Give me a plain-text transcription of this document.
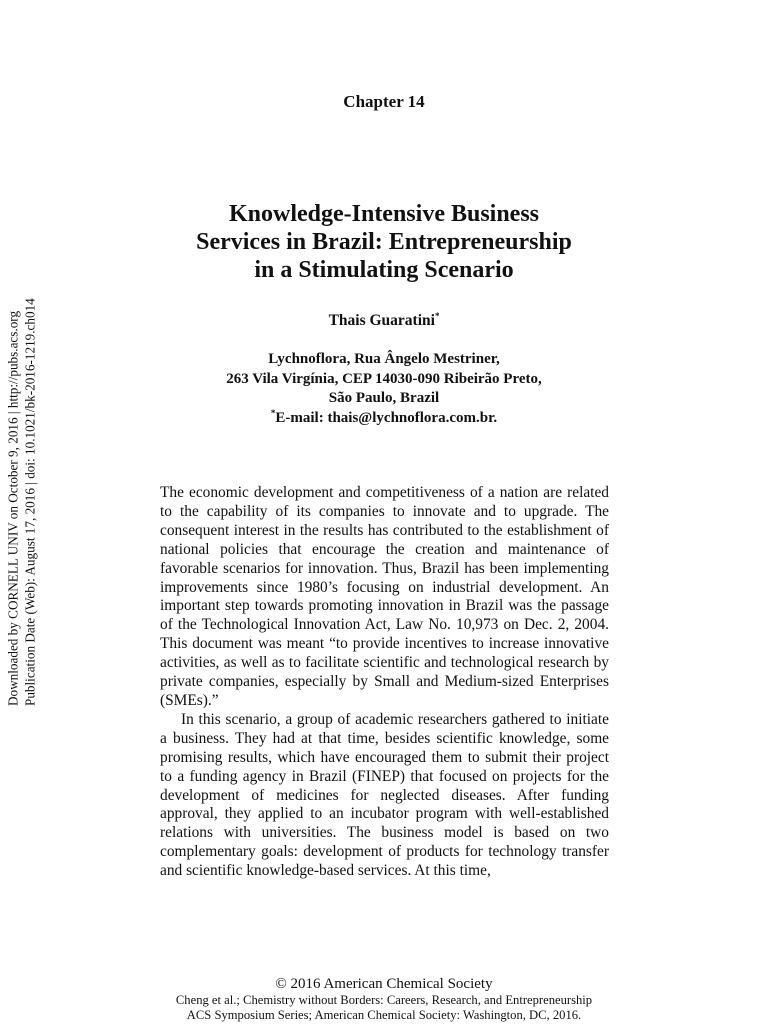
Downloaded by CORNELL UNIV on October 9, 2016 | http://pubs.acs.org Publication Date (Web): August 17, 2016 | doi: 10.1021/bk-2016-1219.ch014
Chapter 14
Knowledge-Intensive Business
Services in Brazil: Entrepreneurship
in a Stimulating Scenario
Thais Guaratini*
Lychnoflora, Rua Ângelo Mestriner,
263 Vila Virgínia, CEP 14030-090 Ribeirão Preto,
São Paulo, Brazil
*E-mail: thais@lychnoflora.com.br.

The economic development and competitiveness of a nation are related to the capability of its companies to innovate and to upgrade. The consequent interest in the results has contributed to the establishment of national policies that encourage the creation and maintenance of favorable scenarios for innovation. Thus, Brazil has been implementing improvements since 1980’s focusing on industrial development. An important step towards promoting innovation in Brazil was the passage of the Technological Innovation Act, Law No. 10,973 on Dec. 2, 2004. This document was meant “to provide incentives to increase innovative activities, as well as to facilitate scientific and technological research by private companies, especially by Small and Medium-sized Enterprises (SMEs).”

In this scenario, a group of academic researchers gathered to initiate a business. They had at that time, besides scientific knowledge, some promising results, which have encouraged them to submit their project to a funding agency in Brazil (FINEP) that focused on projects for the development of medicines for neglected diseases. After funding approval, they applied to an incubator program with well-established relations with universities. The business model is based on two complementary goals: development of products for technology transfer and scientific knowledge-based services. At this time,

© 2016 American Chemical Society
Cheng et al.; Chemistry without Borders: Careers, Research, and Entrepreneurship
ACS Symposium Series; American Chemical Society: Washington, DC, 2016.
